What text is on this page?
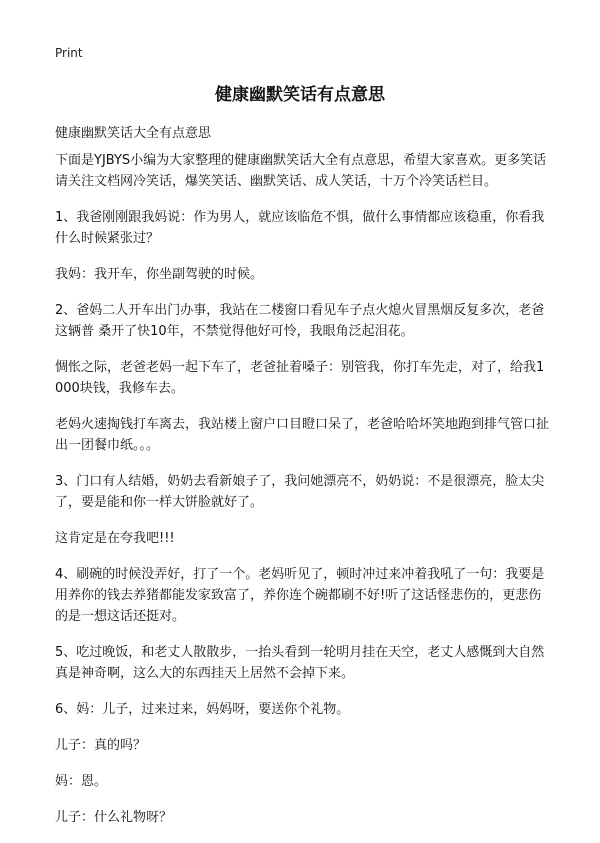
Print
健康幽默笑话有点意思

健康幽默笑话大全有点意思

下面是YJBYS小编为大家整理的健康幽默笑话大全有点意思，希望大家喜欢。更多笑话请关注文档网冷笑话，爆笑笑话、幽默笑话、成人笑话，十万个冷笑话栏目。

1、我爸刚刚跟我妈说：作为男人，就应该临危不惧，做什么事情都应该稳重，你看我什么时候紧张过？

我妈：我开车，你坐副驾驶的时候。

2、爸妈二人开车出门办事，我站在二楼窗口看见车子点火熄火冒黑烟反复多次，老爸这辆普 桑开了快10年，不禁觉得他好可怜，我眼角泛起泪花。

惆怅之际，老爸老妈一起下车了，老爸扯着嗓子：别管我，你打车先走，对了，给我1000块钱，我修车去。

老妈火速掏钱打车离去，我站楼上窗户口目瞪口呆了，老爸哈哈坏笑地跑到排气管口扯出一团餐巾纸。。。

3、门口有人结婚，奶奶去看新娘子了，我问她漂亮不，奶奶说：不是很漂亮，脸太尖了，要是能和你一样大饼脸就好了。

这肯定是在夸我吧!!!

4、刷碗的时候没弄好，打了一个。老妈听见了，顿时冲过来冲着我吼了一句：我要是用养你的钱去养猪都能发家致富了，养你连个碗都刷不好!听了这话怪悲伤的，更悲伤的是一想这话还挺对。

5、吃过晚饭，和老丈人散散步，一抬头看到一轮明月挂在天空，老丈人感慨到大自然真是神奇啊，这么大的东西挂天上居然不会掉下来。

6、妈：儿子，过来过来，妈妈呀，要送你个礼物。

儿子：真的吗？

妈：恩。

儿子：什么礼物呀？
